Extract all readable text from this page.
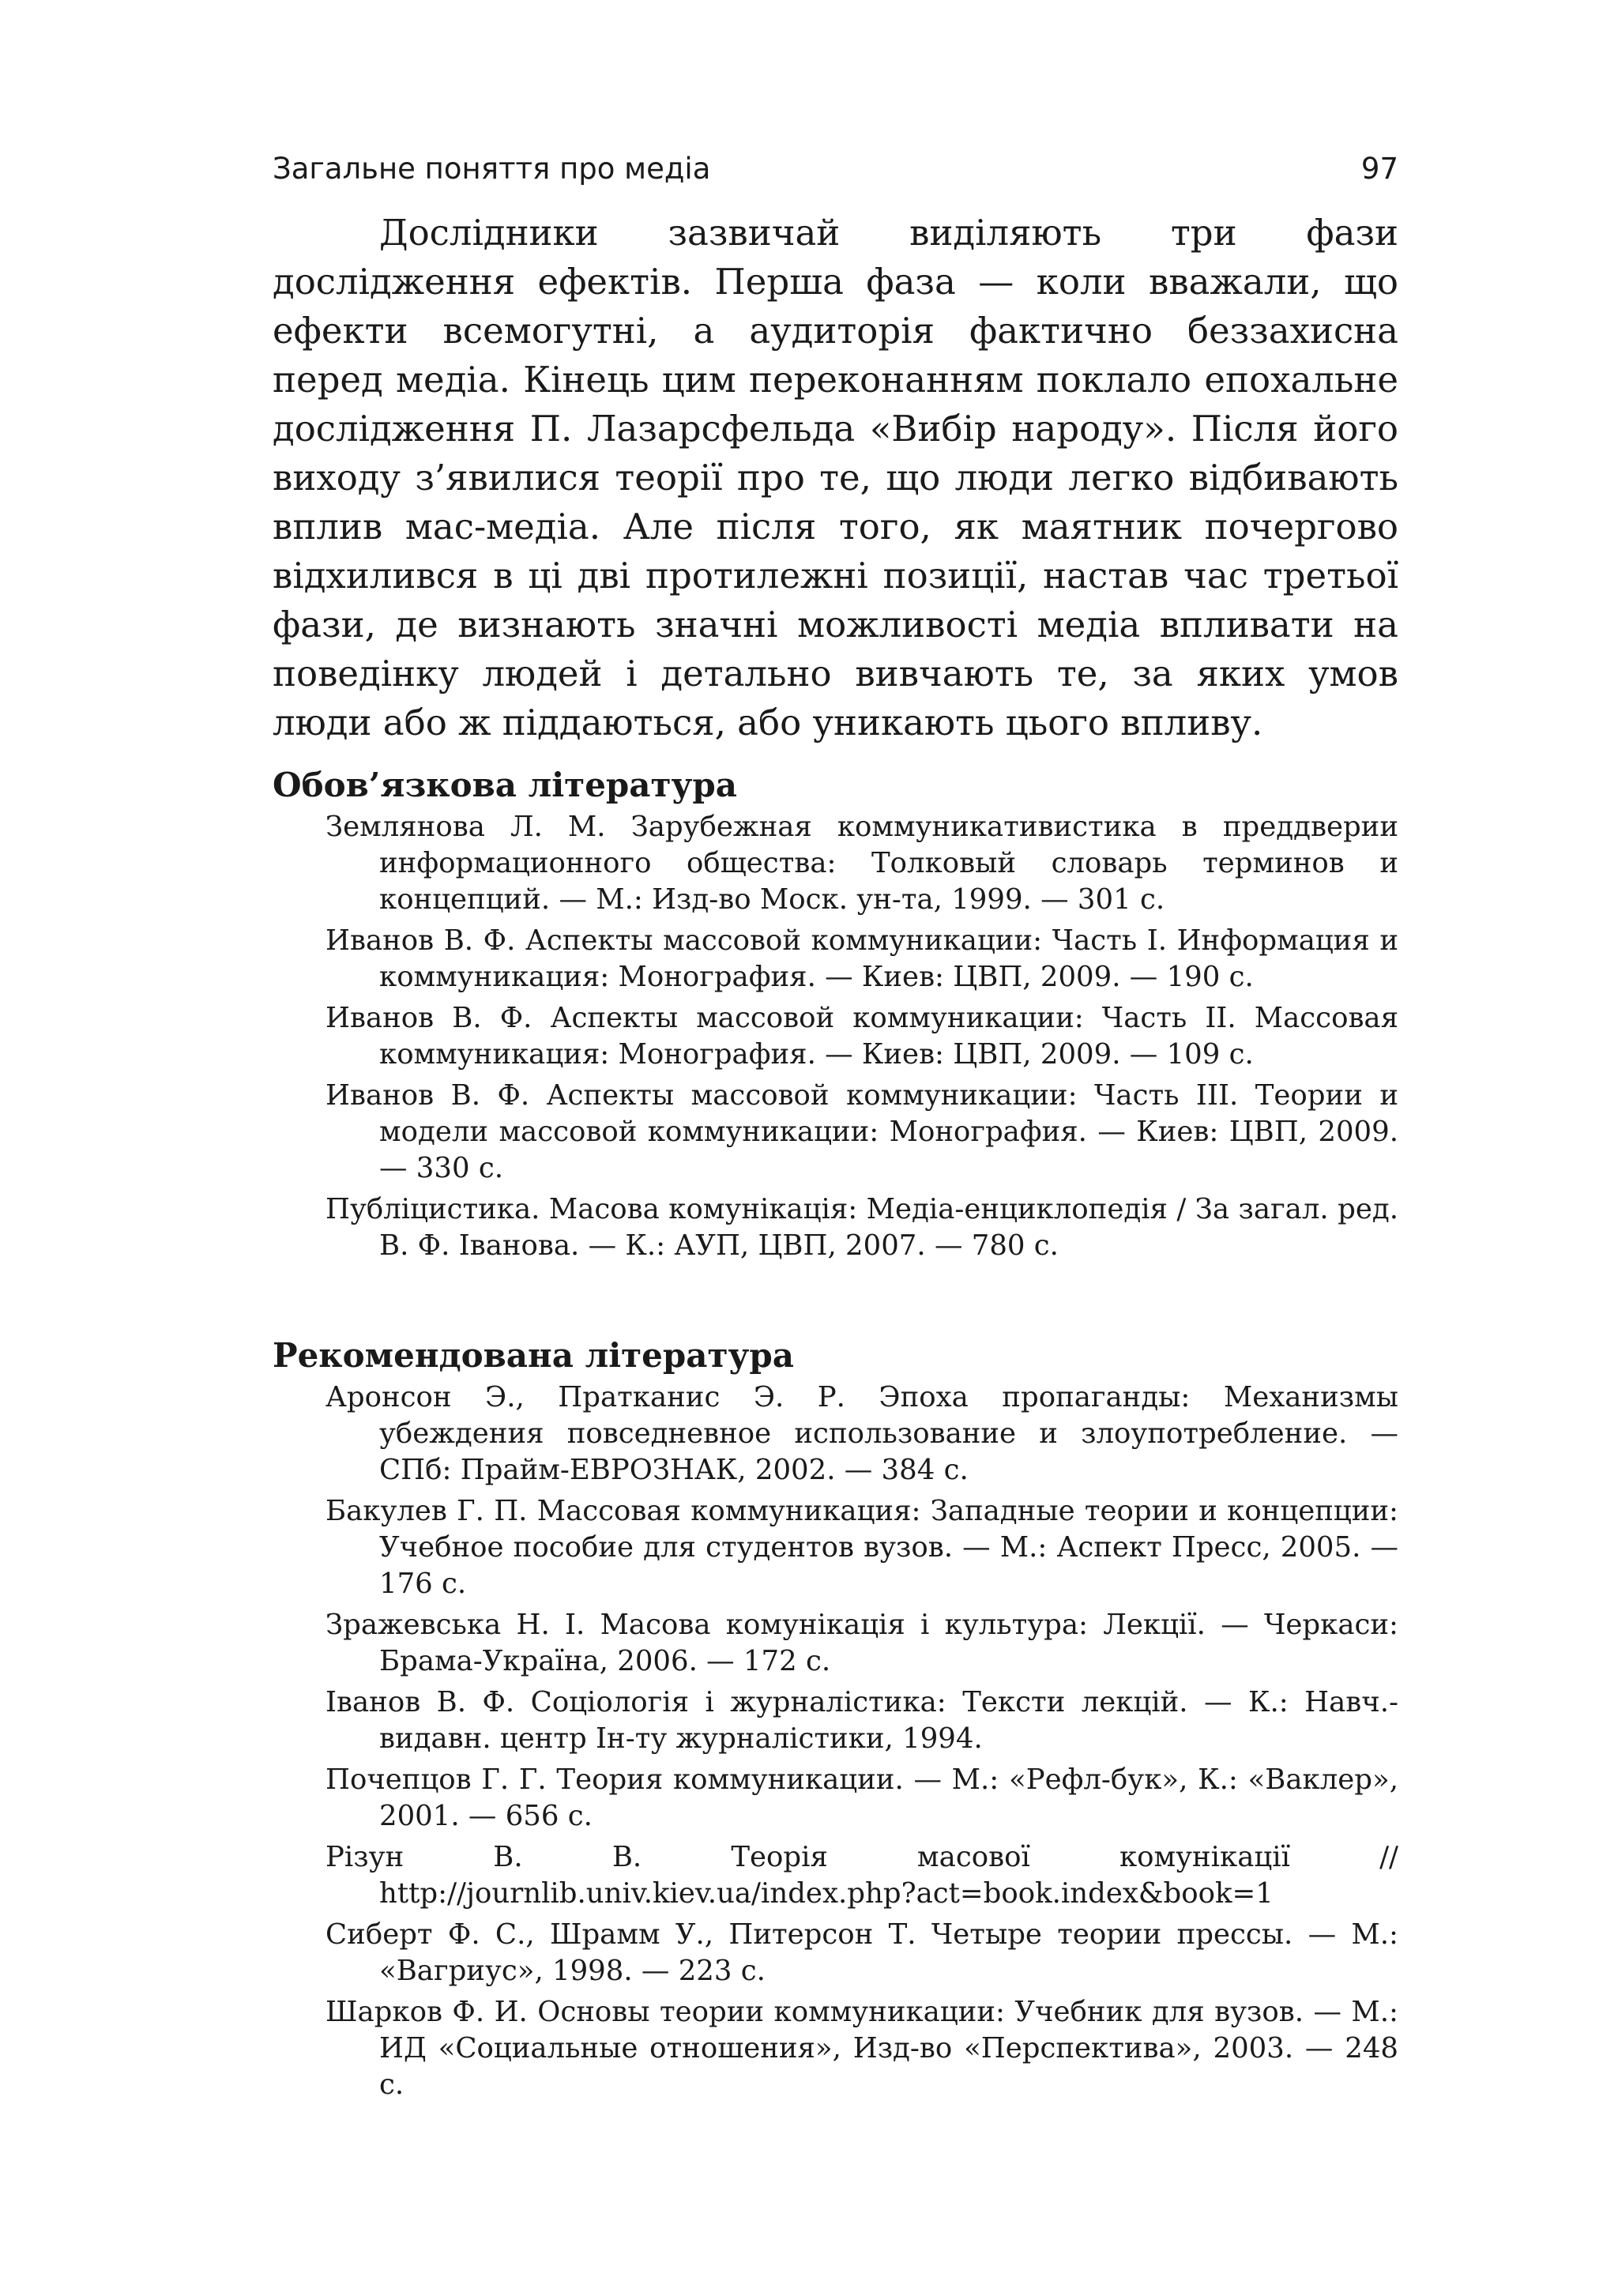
Загальне поняття про медіа	97

Дослідники зазвичай виділяють три фази дослідження ефектів. Перша фаза — коли вважали, що ефекти всемогутні, а аудиторія фактично беззахисна перед медіа. Кінець цим переконанням поклало епохальне дослідження П. Лазарсфельда «Вибір народу». Після його виходу з’явилися теорії про те, що люди легко відбивають вплив мас-медіа. Але після того, як маятник почергово відхилився в ці дві протилежні позиції, настав час третьої фази, де визнають значні можливості медіа впливати на поведінку людей і детально вивчають те, за яких умов люди або ж піддаються, або уникають цього впливу.

Обов’язкова література
Землянова Л. М. Зарубежная коммуникативистика в преддверии информационного общества: Толковый словарь терминов и концепций. — М.: Изд-во Моск. ун-та, 1999. — 301 с.
Иванов В. Ф. Аспекты массовой коммуникации: Часть I. Информация и коммуникация: Монография. — Киев: ЦВП, 2009. — 190 с.
Иванов В. Ф. Аспекты массовой коммуникации: Часть II. Массовая коммуникация: Монография. — Киев: ЦВП, 2009. — 109 с.
Иванов В. Ф. Аспекты массовой коммуникации: Часть III. Теории и модели массовой коммуникации: Монография. — Киев: ЦВП, 2009. — 330 с.
Публіцистика. Масова комунікація: Медіа-енциклопедія / За загал. ред. В. Ф. Іванова. — К.: АУП, ЦВП, 2007. — 780 с.
Рекомендована література
Аронсон Э., Пратканис Э. Р. Эпоха пропаганды: Механизмы убеждения повседневное использование и злоупотребление. — СПб: Прайм-ЕВРОЗНАК, 2002. — 384 с.
Бакулев Г. П. Массовая коммуникация: Западные теории и концепции: Учебное пособие для студентов вузов. — М.: Аспект Пресс, 2005. — 176 с.
Зражевська Н. І. Масова комунікація і культура: Лекції. — Черкаси: Брама-Україна, 2006. — 172 с.
Іванов В. Ф. Соціологія і журналістика: Тексти лекцій. — К.: Навч.-видавн. центр Ін-ту журналістики, 1994.
Почепцов Г. Г. Теория коммуникации. — М.: «Рефл-бук», К.: «Ваклер», 2001. — 656 с.
Різун В. В. Теорія масової комунікації // http://journlib.univ.kiev.ua/index.php?act=book.index&book=1
Сиберт Ф. С., Шрамм У., Питерсон Т. Четыре теории прессы. — М.: «Вагриус», 1998. — 223 с.
Шарков Ф. И. Основы теории коммуникации: Учебник для вузов. — М.: ИД «Социальные отношения», Изд-во «Перспектива», 2003. — 248 с.
